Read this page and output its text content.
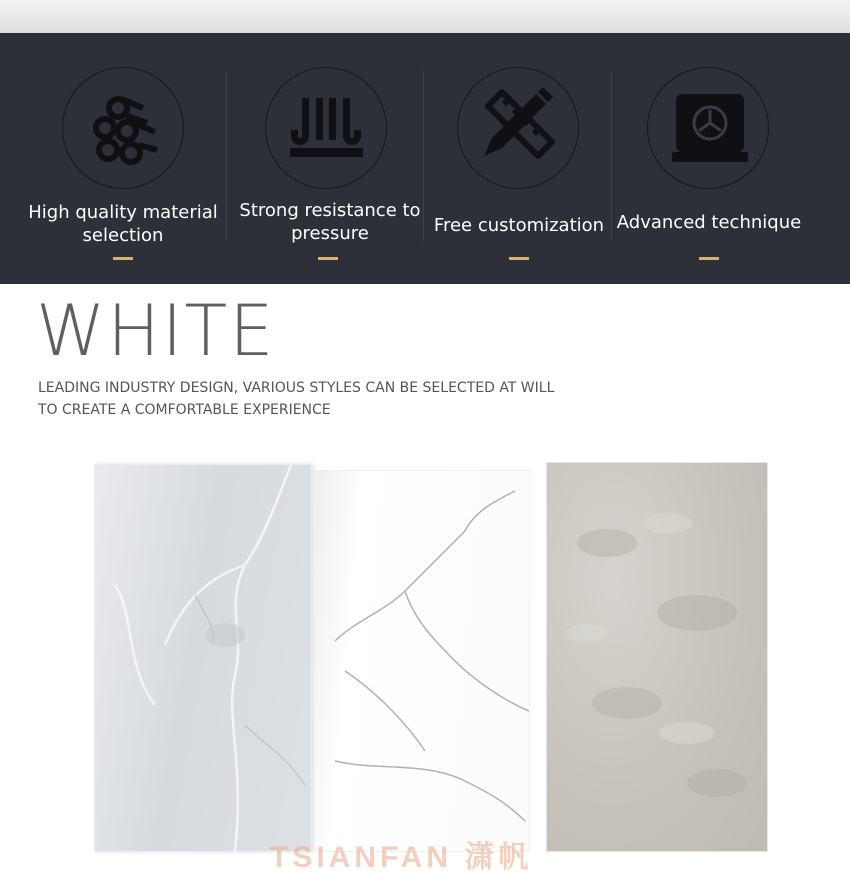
High quality material
selection
Strong resistance to
pressure	Free customization Advanced technique
WHITE
LEADING INDUSTRY DESIGN, VARIOUS STYLES CAN BE SELECTED AT WILL
TO CREATE A COMFORTABLE EXPERIENCE
TSIANFAN 潇帆
